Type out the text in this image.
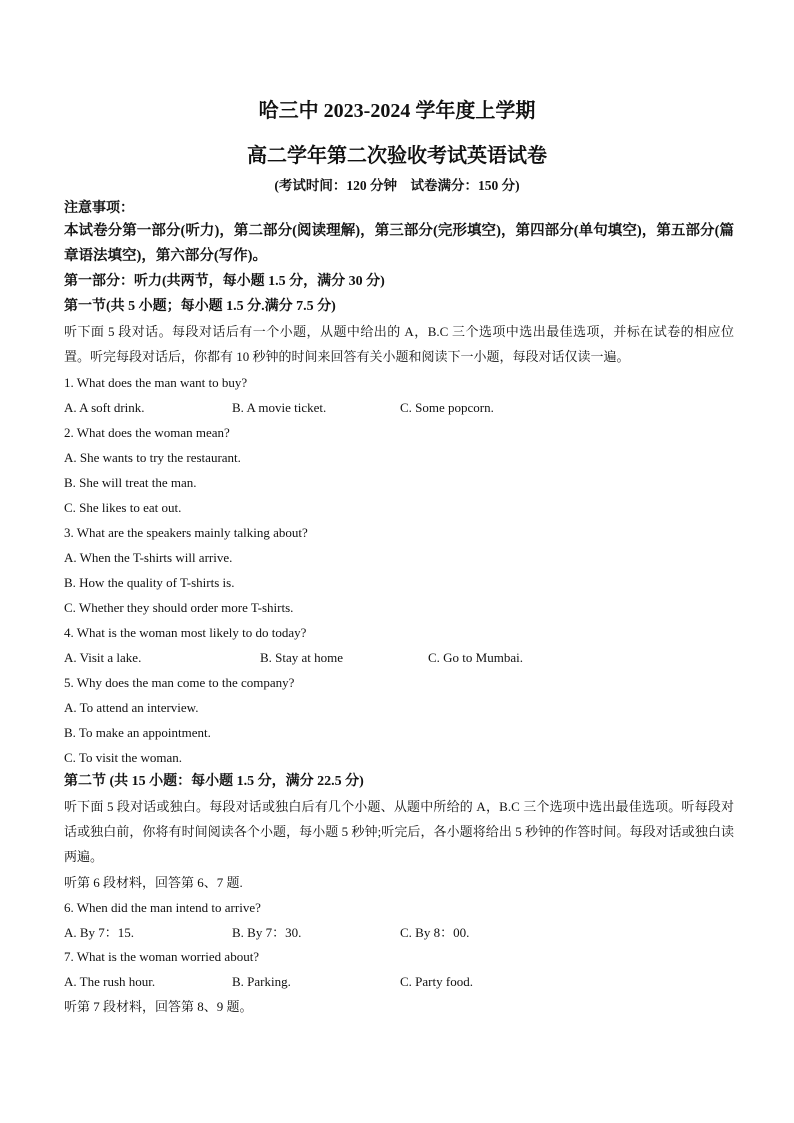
哈三中 2023-2024 学年度上学期
高二学年第二次验收考试英语试卷
(考试时间：120 分钟　试卷满分：150 分)
注意事项：
本试卷分第一部分(听力)，第二部分(阅读理解)，第三部分(完形填空)，第四部分(单句填空)，第五部分(篇章语法填空)，第六部分(写作)。
第一部分：听力(共两节，每小题 1.5 分，满分 30 分)
第一节(共 5 小题；每小题 1.5 分.满分 7.5 分)
听下面 5 段对话。每段对话后有一个小题，从题中给出的 A，B.C 三个选项中选出最佳选项，并标在试卷的相应位置。听完每段对话后，你都有 10 秒钟的时间来回答有关小题和阅读下一小题，每段对话仅读一遍。
1. What does the man want to buy?
A. A soft drink.	B. A movie ticket.	C. Some popcorn.
2. What does the woman mean?
A. She wants to try the restaurant.
B. She will treat the man.
C. She likes to eat out.
3. What are the speakers mainly talking about?
A. When the T-shirts will arrive.
B. How the quality of T-shirts is.
C. Whether they should order more T-shirts.
4. What is the woman most likely to do today?
A. Visit a lake.	B. Stay at home	C. Go to Mumbai.
5. Why does the man come to the company?
A. To attend an interview.
B. To make an appointment.
C. To visit the woman.
第二节 (共 15 小题：每小题 1.5 分，满分 22.5 分)
听下面 5 段对话或独白。每段对话或独白后有几个小题、从题中所给的 A，B.C 三个选项中选出最佳选项。听每段对话或独白前，你将有时间阅读各个小题，每小题 5 秒钟;听完后，各小题将给出 5 秒钟的作答时间。每段对话或独白读两遍。
听第 6 段材料，回答第 6、7 题.
6. When did the man intend to arrive?
A. By 7：15.	B. By 7：30.	C. By 8：00.
7. What is the woman worried about?
A. The rush hour.	B. Parking.	C. Party food.
听第 7 段材料，回答第 8、9 题。
